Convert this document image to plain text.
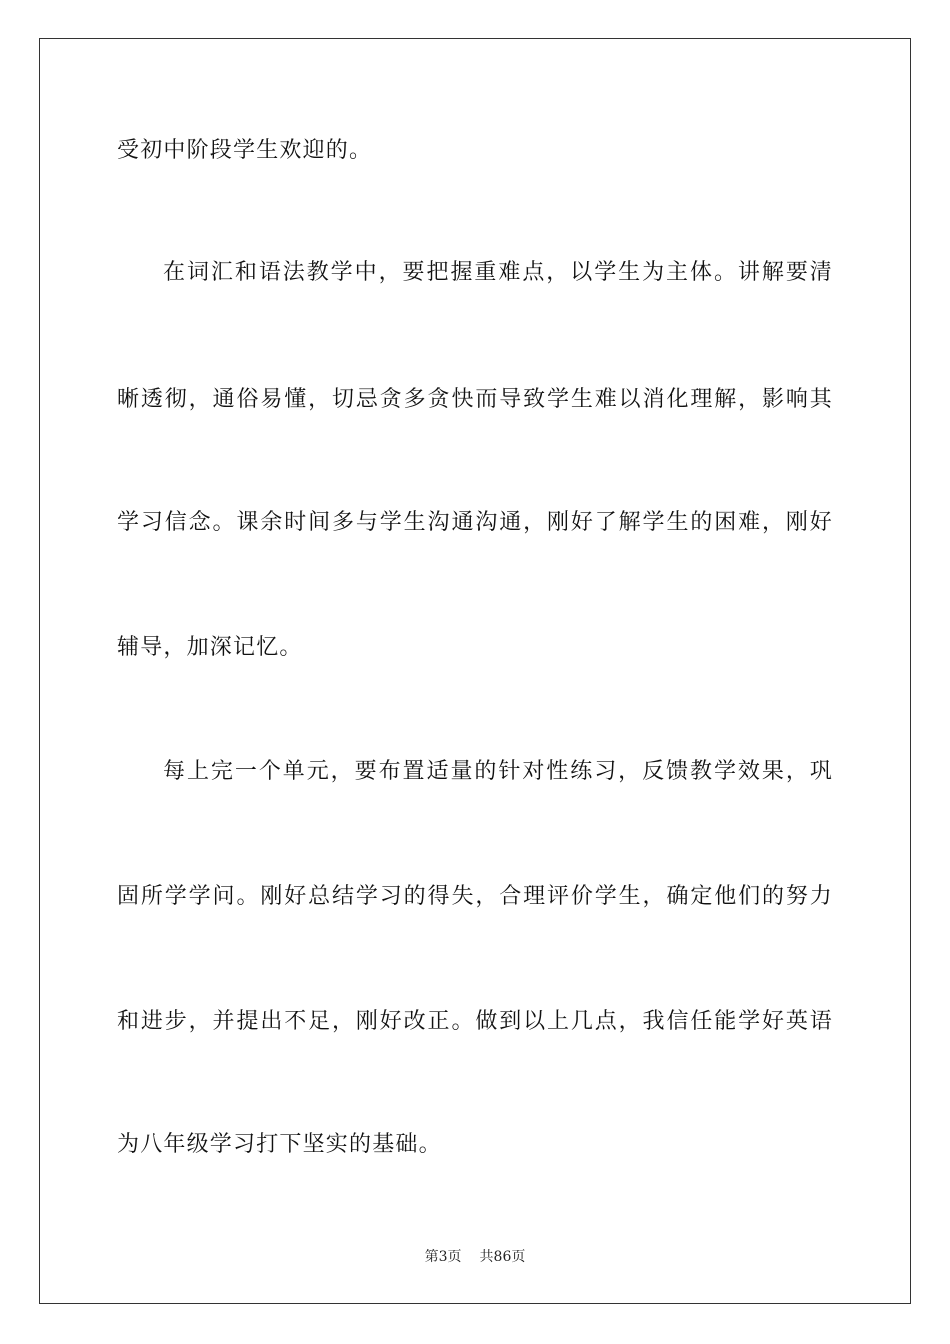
受初中阶段学生欢迎的。
在词汇和语法教学中，要把握重难点，以学生为主体。讲解要清
晰透彻，通俗易懂，切忌贪多贪快而导致学生难以消化理解，影响其
学习信念。课余时间多与学生沟通沟通，刚好了解学生的困难，刚好
辅导，加深记忆。
每上完一个单元，要布置适量的针对性练习，反馈教学效果，巩
固所学学问。刚好总结学习的得失，合理评价学生，确定他们的努力
和进步，并提出不足，刚好改正。做到以上几点，我信任能学好英语
为八年级学习打下坚实的基础。
第3页 共86页
